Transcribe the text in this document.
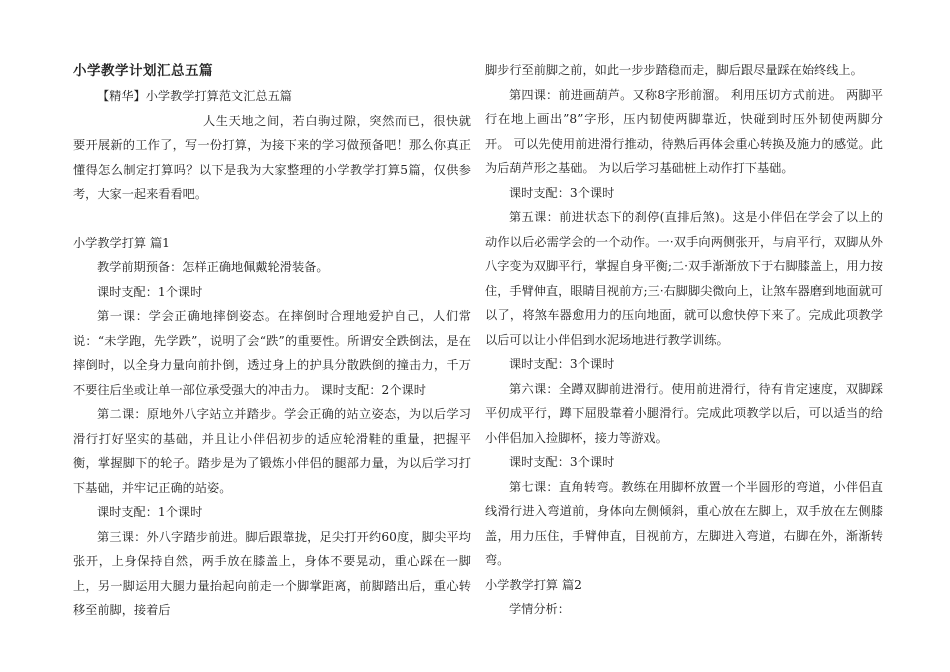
小学教学计划汇总五篇

【精华】小学教学打算范文汇总五篇

人生天地之间，若白驹过隙，突然而已，很快就要开展新的工作了，写一份打算，为接下来的学习做预备吧！那么你真正懂得怎么制定打算吗？以下是我为大家整理的小学教学打算5篇，仅供参考，大家一起来看看吧。

小学教学打算 篇1

教学前期预备：怎样正确地佩戴轮滑装备。

课时支配：1个课时

第一课：学会正确地摔倒姿态。在摔倒时合理地爱护自己，人们常说：“未学跑，先学跌”，说明了会“跌”的重要性。所谓安全跌倒法，是在摔倒时，以全身力量向前扑倒，透过身上的护具分散跌倒的撞击力，千万不要往后坐或让单一部位承受强大的冲击力。 课时支配：2个课时

第二课：原地外八字站立并踏步。学会正确的站立姿态，为以后学习滑行打好坚实的基础，并且让小伴侣初步的适应轮滑鞋的重量，把握平衡，掌握脚下的轮子。踏步是为了锻炼小伴侣的腿部力量，为以后学习打下基础，并牢记正确的站姿。

课时支配：1个课时

第三课：外八字踏步前进。脚后跟靠拢，足尖打开约60度，脚尖平均张开，上身保持自然，两手放在膝盖上，身体不要晃动，重心踩在一脚上，另一脚运用大腿力量抬起向前走一个脚掌距离，前脚踏出后，重心转移至前脚，接着后

脚步行至前脚之前，如此一步步踏稳而走，脚后跟尽量踩在始终线上。

第四课：前进画葫芦。又称8字形前溜。 利用压切方式前进。 两脚平行在地上画出”8”字形，压内韧使两脚靠近，快碰到时压外韧使两脚分开。 可以先使用前进滑行推动，待熟后再体会重心转换及施力的感觉。此为后葫芦形之基础。 为以后学习基础桩上动作打下基础。

课时支配：3个课时

第五课：前进状态下的刹停(直排后煞)。这是小伴侣在学会了以上的动作以后必需学会的一个动作。一·双手向两侧张开，与肩平行，双脚从外八字变为双脚平行，掌握自身平衡;二·双手渐渐放下于右脚膝盖上，用力按住，手臂伸直，眼睛目视前方;三·右脚脚尖微向上，让煞车器磨到地面就可以了，将煞车器愈用力的压向地面，就可以愈快停下来了。完成此项教学以后可以让小伴侣到水泥场地进行教学训练。

课时支配：3个课时

第六课：全蹲双脚前进滑行。使用前进滑行，待有肯定速度，双脚踩平仞成平行，蹲下屈股靠着小腿滑行。完成此项教学以后，可以适当的给小伴侣加入捡脚杯，接力等游戏。

课时支配：3个课时

第七课：直角转弯。教练在用脚杯放置一个半圆形的弯道，小伴侣直线滑行进入弯道前，身体向左侧倾斜，重心放在左脚上，双手放在左侧膝盖，用力压住，手臂伸直，目视前方，左脚进入弯道，右脚在外，渐渐转弯。

小学教学打算 篇2

学情分析：
